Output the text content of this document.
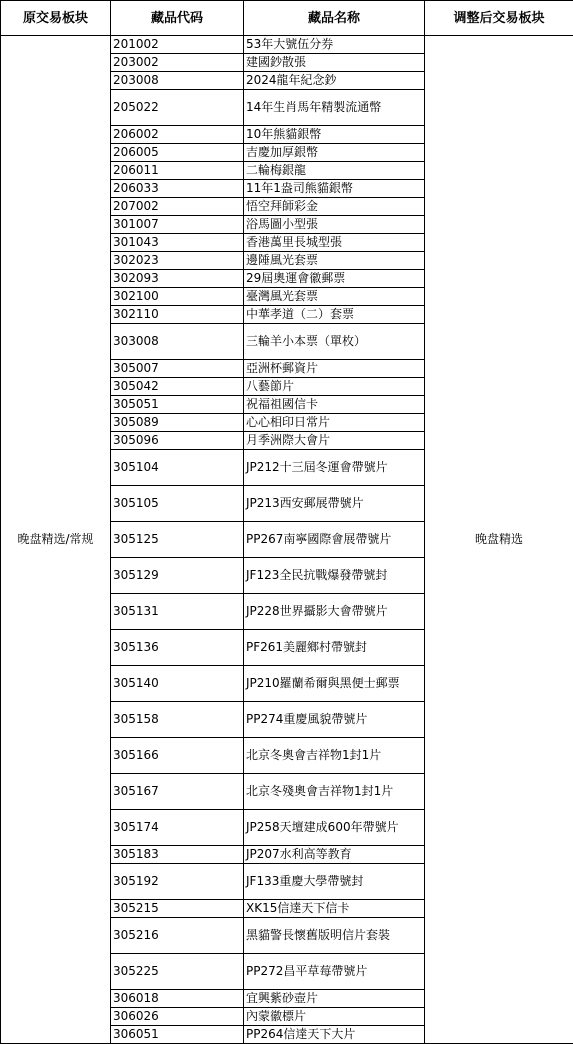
原交易板块	藏品代码	藏品名称	调整后交易板块
晚盘精选/常规	201002	53年大號伍分券	晚盘精选
	203002	建國鈔散張	
	203008	2024龍年紀念鈔	
	205022	14年生肖馬年精製流通幣	
	206002	10年熊貓銀幣	
	206005	吉慶加厚銀幣	
	206011	二輪梅銀龍	
	206033	11年1盎司熊貓銀幣	
	207002	悟空拜師彩金	
	301007	浴馬圖小型張	
	301043	香港萬里長城型張	
	302023	邊陲風光套票	
	302093	29屆奧運會徽郵票	
	302100	臺灣風光套票	
	302110	中華孝道（二）套票	
	303008	三輪羊小本票（單枚）	
	305007	亞洲杯郵資片	
	305042	八藝節片	
	305051	祝福祖國信卡	
	305089	心心相印日常片	
	305096	月季洲際大會片	
	305104	JP212十三屆冬運會帶號片	
	305105	JP213西安郵展帶號片	
	305125	PP267南寧國際會展帶號片	
	305129	JF123全民抗戰爆發帶號封	
	305131	JP228世界攝影大會帶號片	
	305136	PF261美麗鄉村帶號封	
	305140	JP210羅蘭希爾與黑便士郵票	
	305158	PP274重慶風貌帶號片	
	305166	北京冬奧會吉祥物1封1片	
	305167	北京冬殘奧會吉祥物1封1片	
	305174	JP258天壇建成600年帶號片	
	305183	JP207水利高等教育	
	305192	JF133重慶大學帶號封	
	305215	XK15信達天下信卡	
	305216	黑貓警長懷舊版明信片套裝	
	305225	PP272昌平草莓帶號片	
	306018	宜興紫砂壺片	
	306026	內蒙徽標片	
	306051	PP264信達天下大片	
